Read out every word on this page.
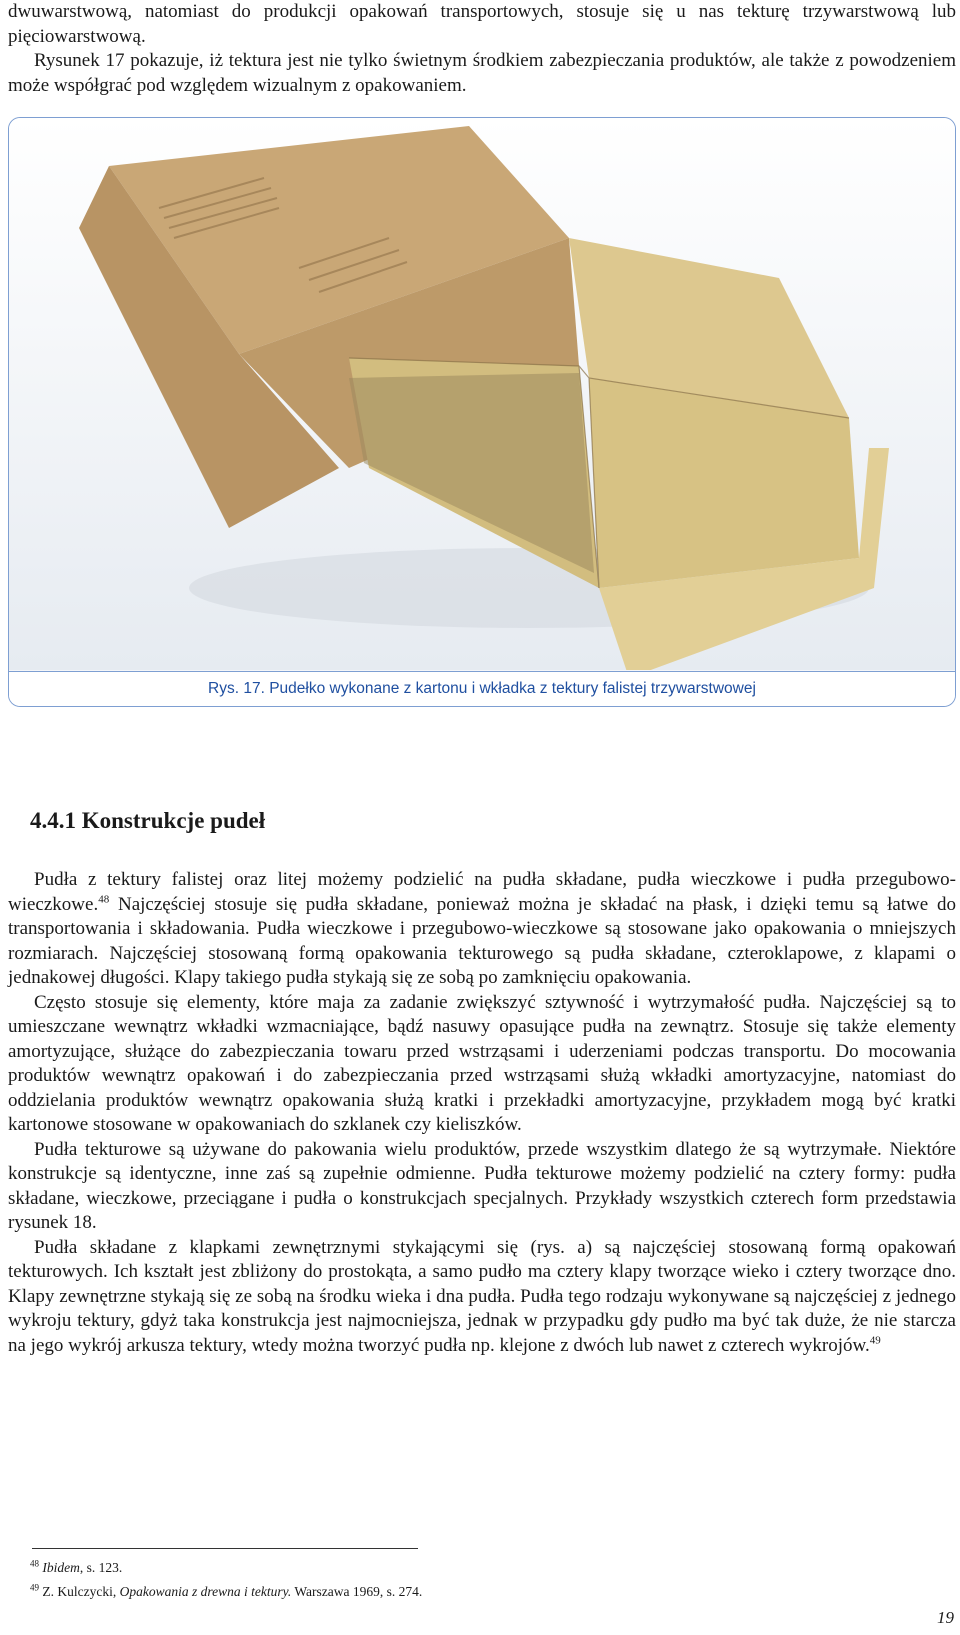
dwuwarstwową, natomiast do produkcji opakowań transportowych, stosuje się u nas tekturę trzywarstwową lub pięciowarstwową.
Rysunek 17 pokazuje, iż tektura jest nie tylko świetnym środkiem zabezpieczania produktów, ale także z powodzeniem może współgrać pod względem wizualnym z opakowaniem.

Rys. 17. Pudełko wykonane z kartonu i wkładka z tektury falistej trzywarstwowej
4.4.1 Konstrukcje pudeł

Pudła z tektury falistej oraz litej możemy podzielić na pudła składane, pudła wieczkowe i pudła przegubowo-wieczkowe.$^{48}$ Najczęściej stosuje się pudła składane, ponieważ można je składać na płask, i dzięki temu są łatwe do transportowania i składowania. Pudła wieczkowe i przegubowo-wieczkowe są stosowane jako opakowania o mniejszych rozmiarach. Najczęściej stosowaną formą opakowania tekturowego są pudła składane, czteroklapowe, z klapami o jednakowej długości. Klapy takiego pudła stykają się ze sobą po zamknięciu opakowania.

Często stosuje się elementy, które maja za zadanie zwiększyć sztywność i wytrzymałość pudła. Najczęściej są to umieszczane wewnątrz wkładki wzmacniające, bądź nasuwy opasujące pudła na zewnątrz. Stosuje się także elementy amortyzujące, służące do zabezpieczania towaru przed wstrząsami i uderzeniami podczas transportu. Do mocowania produktów wewnątrz opakowań i do zabezpieczania przed wstrząsami służą wkładki amortyzacyjne, natomiast do oddzielania produktów wewnątrz opakowania służą kratki i przekładki amortyzacyjne, przykładem mogą być kratki kartonowe stosowane w opakowaniach do szklanek czy kieliszków.

Pudła tekturowe są używane do pakowania wielu produktów, przede wszystkim dlatego że są wytrzymałe. Niektóre konstrukcje są identyczne, inne zaś są zupełnie odmienne. Pudła tekturowe możemy podzielić na cztery formy: pudła składane, wieczkowe, przeciągane i pudła o konstrukcjach specjalnych. Przykłady wszystkich czterech form przedstawia rysunek 18.

Pudła składane z klapkami zewnętrznymi stykającymi się (rys. a) są najczęściej stosowaną formą opakowań tekturowych. Ich kształt jest zbliżony do prostokąta, a samo pudło ma cztery klapy tworzące wieko i cztery tworzące dno. Klapy zewnętrzne stykają się ze sobą na środku wieka i dna pudła. Pudła tego rodzaju wykonywane są najczęściej z jednego wykroju tektury, gdyż taka konstrukcja jest najmocniejsza, jednak w przypadku gdy pudło ma być tak duże, że nie starcza na jego wykrój arkusza tektury, wtedy można tworzyć pudła np. klejone z dwóch lub nawet z czterech wykrojów.$^{49}$

$^{48}$ Ibidem, s. 123.
$^{49}$ Z. Kulczycki, Opakowania z drewna i tektury. Warszawa 1969, s. 274.
19
